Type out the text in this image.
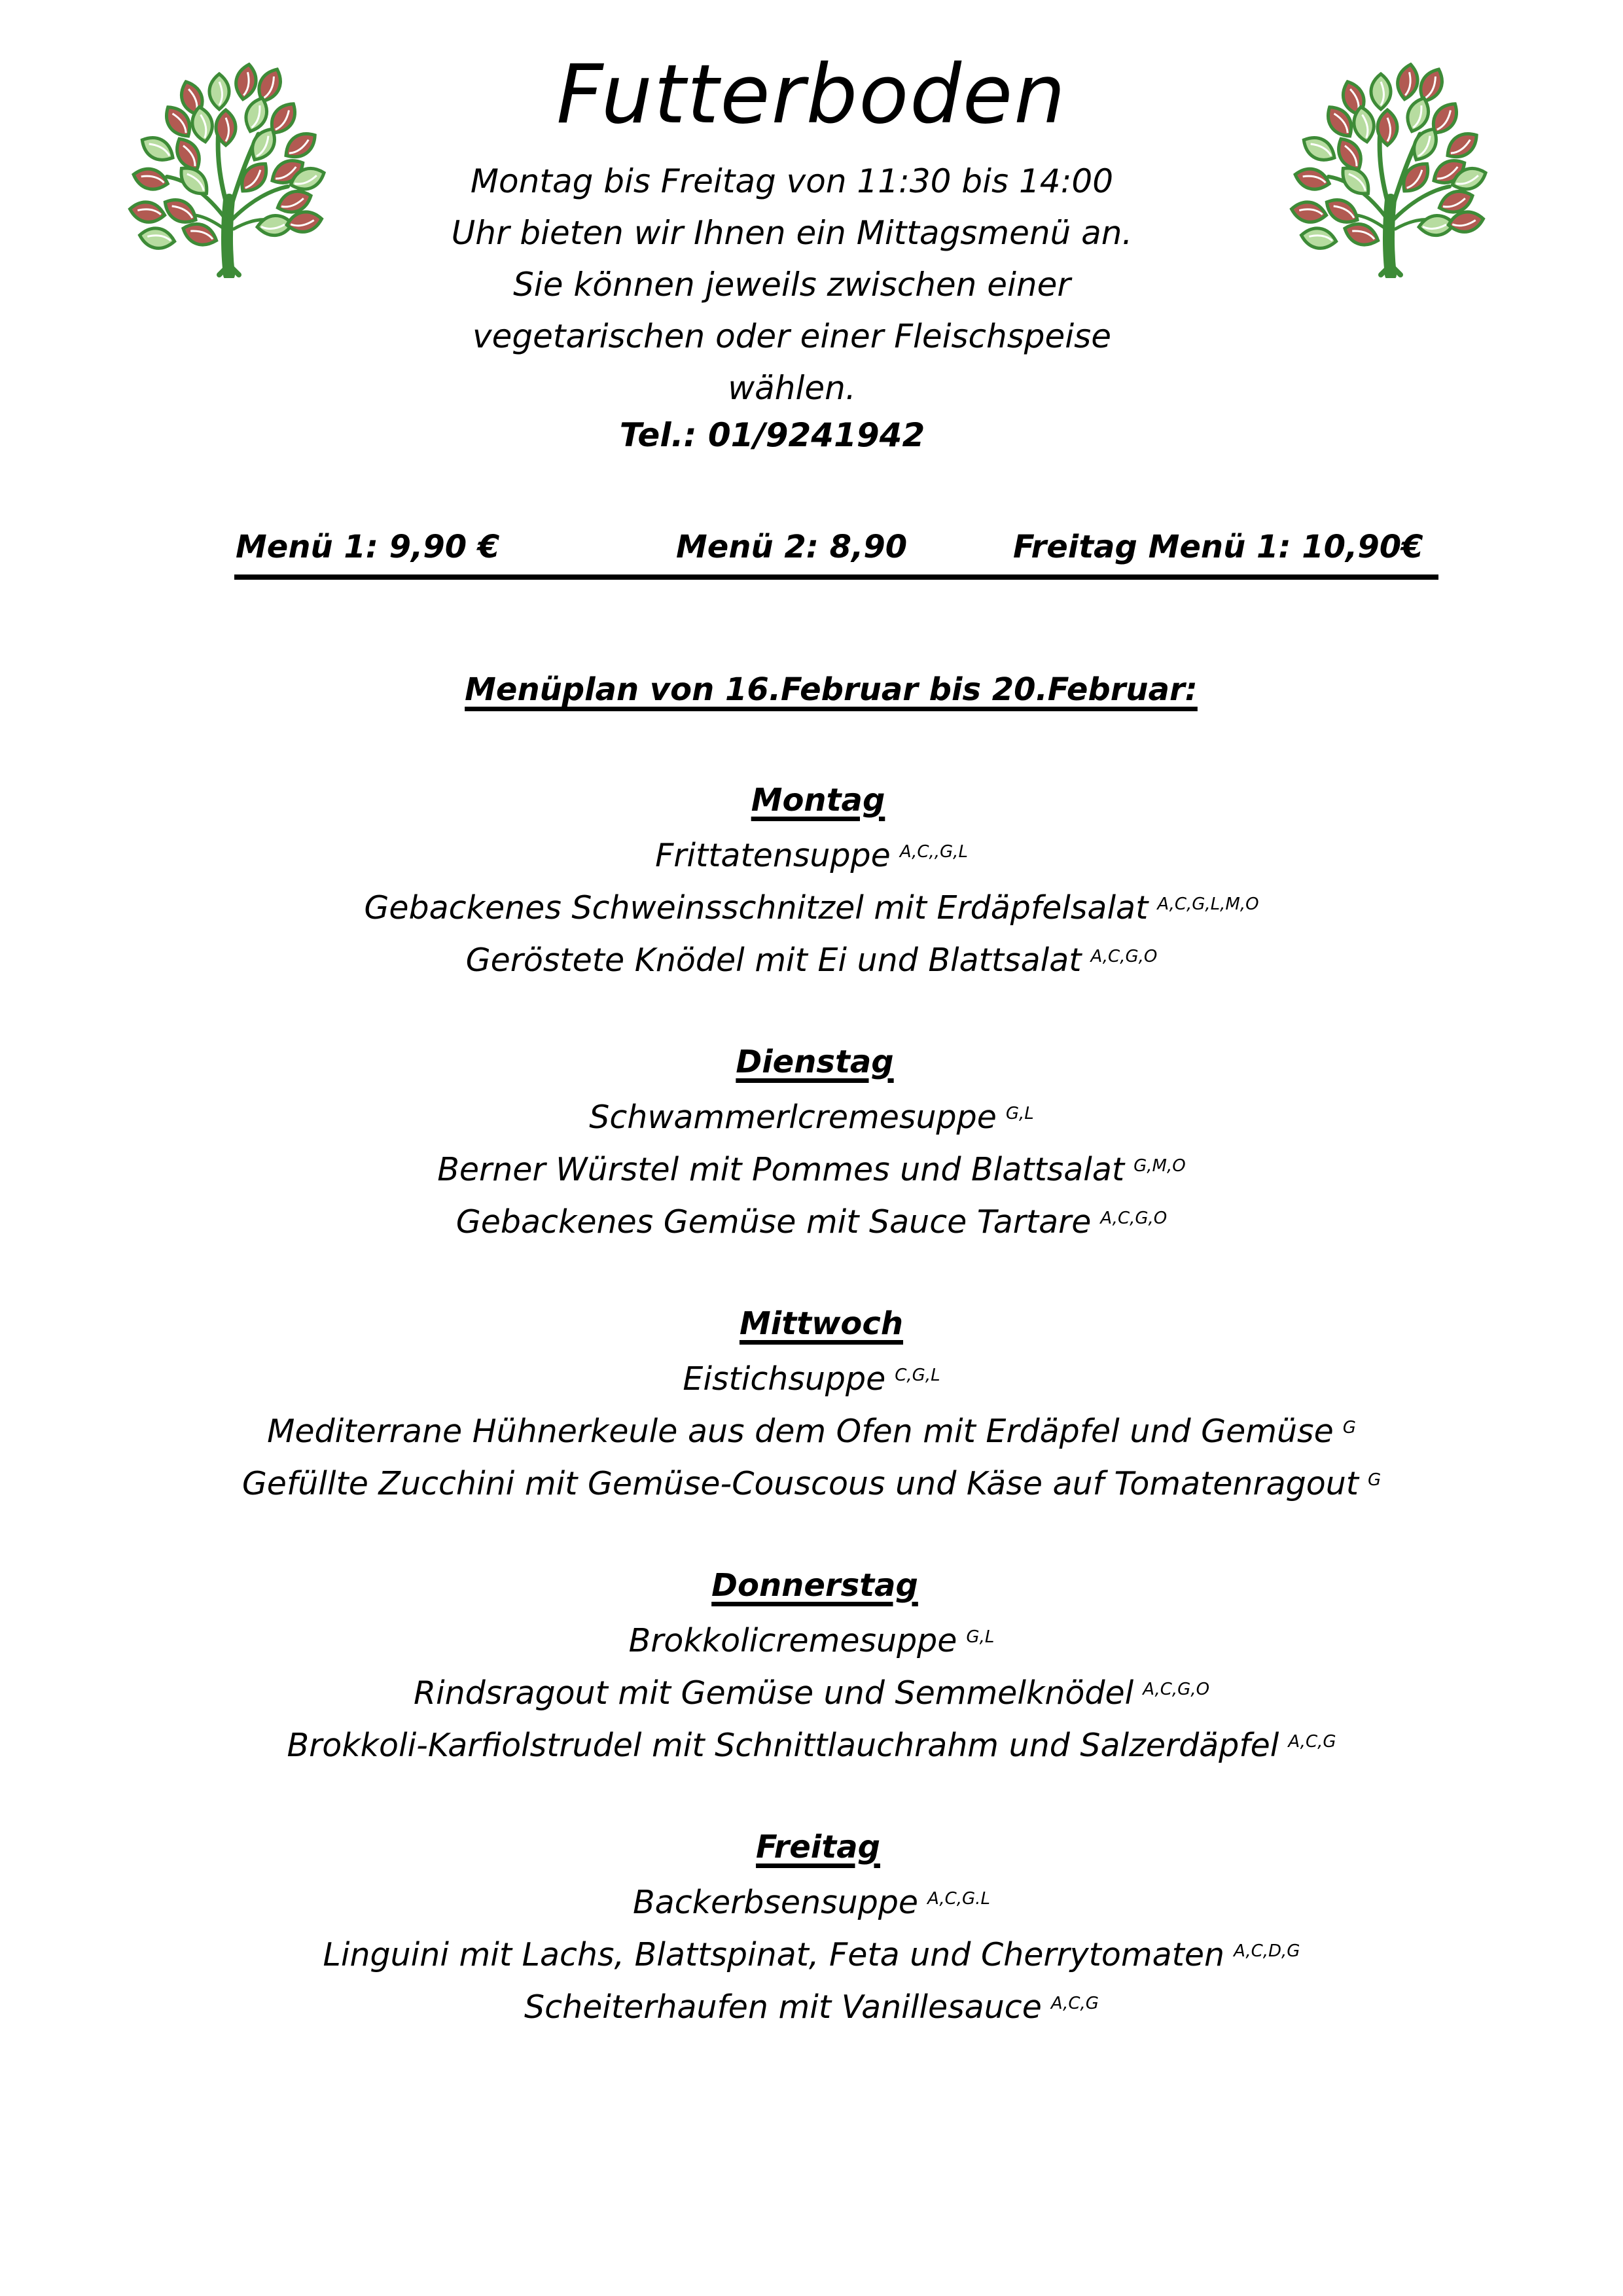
Futterboden
Montag bis Freitag von 11:30 bis 14:00
Uhr bieten wir Ihnen ein Mittagsmenü an.
Sie können jeweils zwischen einer
vegetarischen oder einer Fleischspeise
wählen.
Tel.: 01/9241942
Menü 1: 9,90 €	Menü 2: 8,90	Freitag Menü 1: 10,90€
Menüplan von 16.Februar bis 20.Februar:
Montag
Frittatensuppe $^{A,C,,G,L}$
Gebackenes Schweinsschnitzel mit Erdäpfelsalat $^{A,C,G,L,M,O}$
Geröstete Knödel mit Ei und Blattsalat $^{A,C,G,O}$
Dienstag
Schwammerlcremesuppe $^{G,L}$
Berner Würstel mit Pommes und Blattsalat $^{G,M,O}$
Gebackenes Gemüse mit Sauce Tartare $^{A,C,G,O}$
Mittwoch
Eistichsuppe $^{C,G,L}$
Mediterrane Hühnerkeule aus dem Ofen mit Erdäpfel und Gemüse $^G$
Gefüllte Zucchini mit Gemüse-Couscous und Käse auf Tomatenragout $^G$
Donnerstag
Brokkolicremesuppe $^{G,L}$
Rindsragout mit Gemüse und Semmelknödel $^{A,C,G,O}$
Brokkoli-Karfiolstrudel mit Schnittlauchrahm und Salzerdäpfel $^{A,C,G}$
Freitag
Backerbsensuppe $^{A,C,G.L}$
Linguini mit Lachs, Blattspinat, Feta und Cherrytomaten $^{A,C,D,G}$
Scheiterhaufen mit Vanillesauce $^{A,C,G}$
